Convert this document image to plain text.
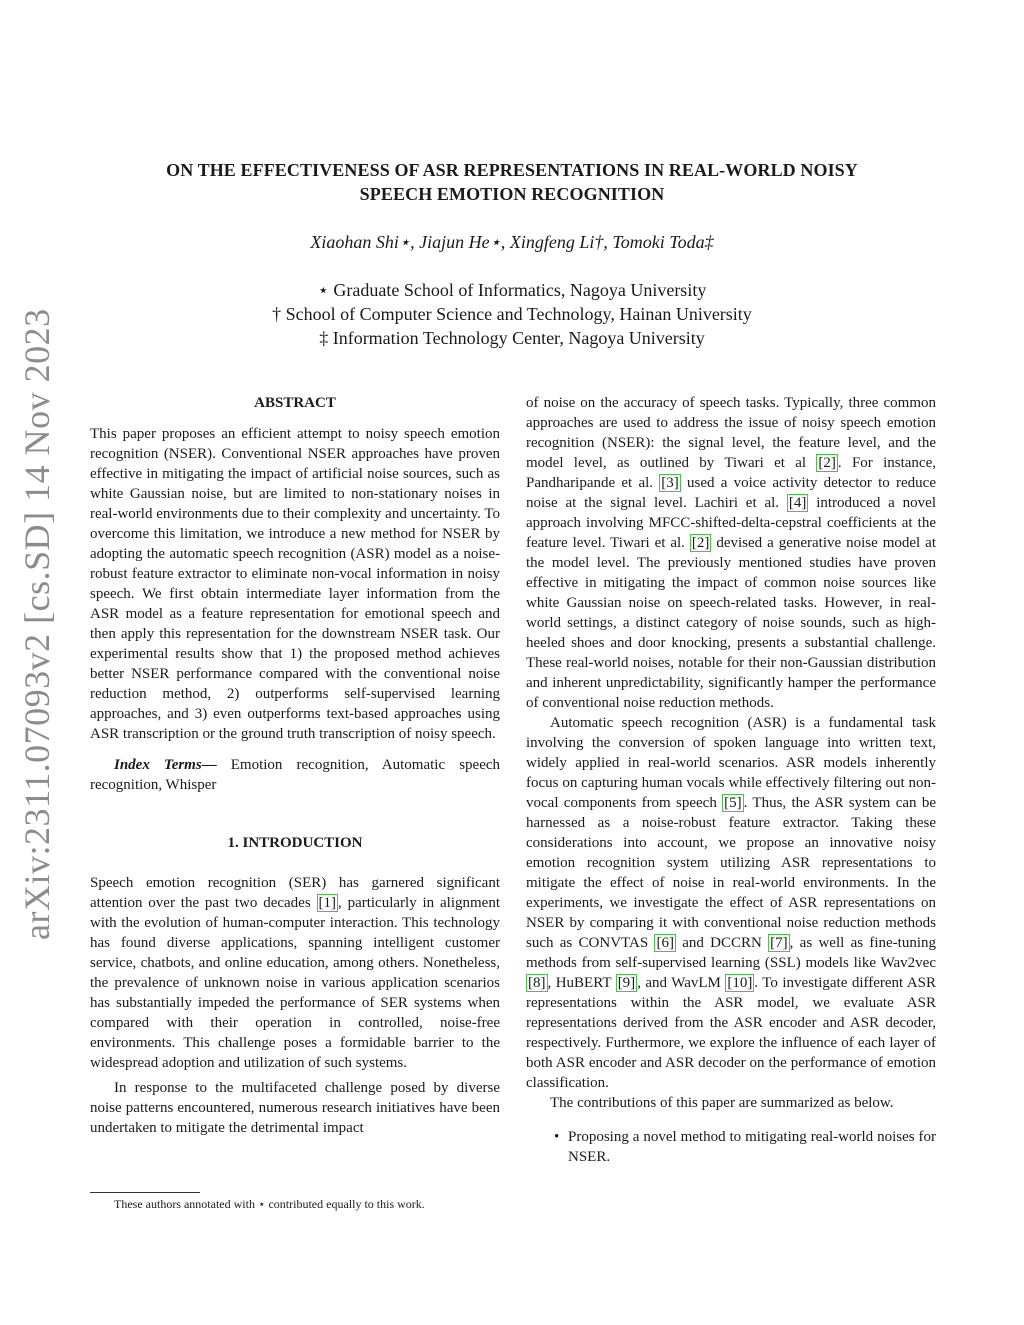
arXiv:2311.07093v2 [cs.SD] 14 Nov 2023
ON THE EFFECTIVENESS OF ASR REPRESENTATIONS IN REAL-WORLD NOISY
SPEECH EMOTION RECOGNITION
Xiaohan Shi⋆, Jiajun He⋆, Xingfeng Li†, Tomoki Toda‡
⋆ Graduate School of Informatics, Nagoya University
† School of Computer Science and Technology, Hainan University
‡ Information Technology Center, Nagoya University
ABSTRACT

This paper proposes an efficient attempt to noisy speech emotion recognition (NSER). Conventional NSER approaches have proven effective in mitigating the impact of artificial noise sources, such as white Gaussian noise, but are limited to non-stationary noises in real-world environments due to their complexity and uncertainty. To overcome this limitation, we introduce a new method for NSER by adopting the automatic speech recognition (ASR) model as a noise-robust feature extractor to eliminate non-vocal information in noisy speech. We first obtain intermediate layer information from the ASR model as a feature representation for emotional speech and then apply this representation for the downstream NSER task. Our experimental results show that 1) the proposed method achieves better NSER performance compared with the conventional noise reduction method, 2) outperforms self-supervised learning approaches, and 3) even outperforms text-based approaches using ASR transcription or the ground truth transcription of noisy speech.

Index Terms— Emotion recognition, Automatic speech recognition, Whisper

1. INTRODUCTION

Speech emotion recognition (SER) has garnered significant attention over the past two decades [1] , particularly in alignment with the evolution of human-computer interaction. This technology has found diverse applications, spanning intelligent customer service, chatbots, and online education, among others. Nonetheless, the prevalence of unknown noise in various application scenarios has substantially impeded the performance of SER systems when compared with their operation in controlled, noise-free environments. This challenge poses a formidable barrier to the widespread adoption and utilization of such systems.

In response to the multifaceted challenge posed by diverse noise patterns encountered, numerous research initiatives have been undertaken to mitigate the detrimental impact

of noise on the accuracy of speech tasks. Typically, three common approaches are used to address the issue of noisy speech emotion recognition (NSER): the signal level, the feature level, and the model level, as outlined by Tiwari et al [2] . For instance, Pandharipande et al. [3] used a voice activity detector to reduce noise at the signal level. Lachiri et al. [4] introduced a novel approach involving MFCC-shifted-delta-cepstral coefficients at the feature level. Tiwari et al. [2] devised a generative noise model at the model level. The previously mentioned studies have proven effective in mitigating the impact of common noise sources like white Gaussian noise on speech-related tasks. However, in real-world settings, a distinct category of noise sounds, such as high-heeled shoes and door knocking, presents a substantial challenge. These real-world noises, notable for their non-Gaussian distribution and inherent unpredictability, significantly hamper the performance of conventional noise reduction methods.

Automatic speech recognition (ASR) is a fundamental task involving the conversion of spoken language into written text, widely applied in real-world scenarios. ASR models inherently focus on capturing human vocals while effectively filtering out non-vocal components from speech [5] . Thus, the ASR system can be harnessed as a noise-robust feature extractor. Taking these considerations into account, we propose an innovative noisy emotion recognition system utilizing ASR representations to mitigate the effect of noise in real-world environments. In the experiments, we investigate the effect of ASR representations on NSER by comparing it with conventional noise reduction methods such as CONVTAS [6] and DCCRN [7] , as well as fine-tuning methods from self-supervised learning (SSL) models like Wav2vec [8] , HuBERT [9] , and WavLM [10] . To investigate different ASR representations within the ASR model, we evaluate ASR representations derived from the ASR encoder and ASR decoder, respectively. Furthermore, we explore the influence of each layer of both ASR encoder and ASR decoder on the performance of emotion classification.

The contributions of this paper are summarized as below.

• Proposing a novel method to mitigating real-world noises for NSER.
These authors annotated with ⋆ contributed equally to this work.
